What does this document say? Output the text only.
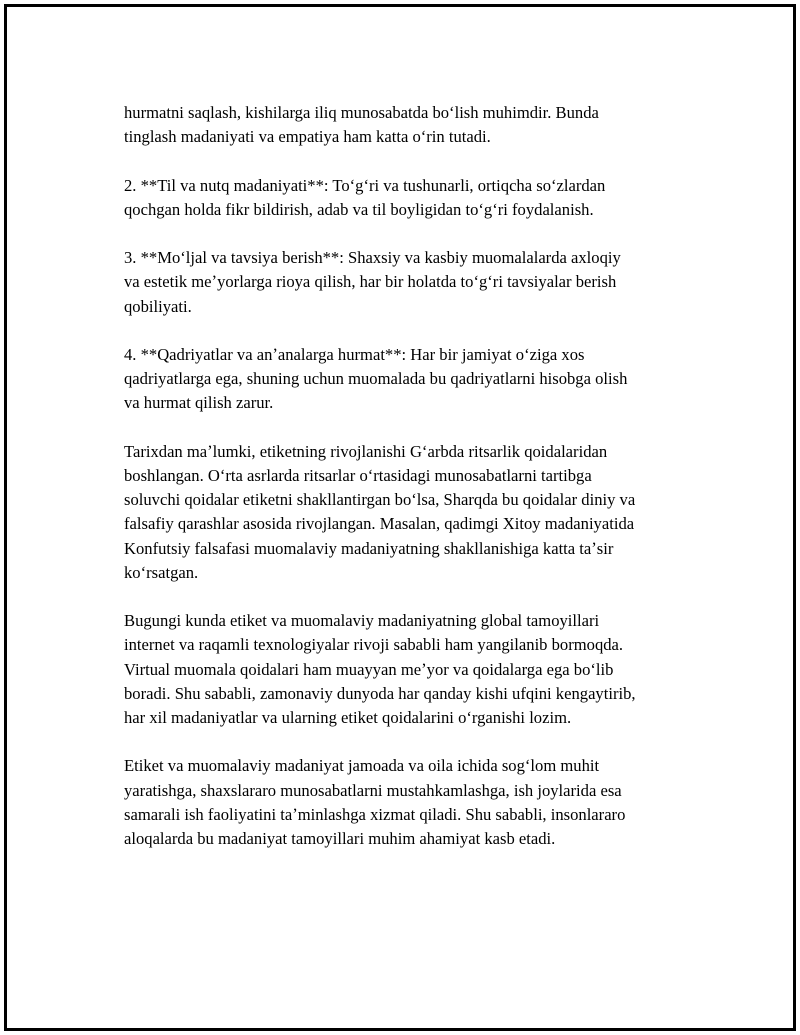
hurmatni saqlash, kishilarga iliq munosabatda boʻlish muhimdir. Bunda
tinglash madaniyati va empatiya ham katta oʻrin tutadi.

2. **Til va nutq madaniyati**: Toʻgʻri va tushunarli, ortiqcha soʻzlardan
qochgan holda fikr bildirish, adab va til boyligidan toʻgʻri foydalanish.

3. **Moʻljal va tavsiya berish**: Shaxsiy va kasbiy muomalalarda axloqiy
va estetik meʼyorlarga rioya qilish, har bir holatda toʻgʻri tavsiyalar berish
qobiliyati.

4. **Qadriyatlar va anʼanalarga hurmat**: Har bir jamiyat oʻziga xos
qadriyatlarga ega, shuning uchun muomalada bu qadriyatlarni hisobga olish
va hurmat qilish zarur.

Tarixdan maʼlumki, etiketning rivojlanishi Gʻarbda ritsarlik qoidalaridan
boshlangan. Oʻrta asrlarda ritsarlar oʻrtasidagi munosabatlarni tartibga
soluvchi qoidalar etiketni shakllantirgan boʻlsa, Sharqda bu qoidalar diniy va
falsafiy qarashlar asosida rivojlangan. Masalan, qadimgi Xitoy madaniyatida
Konfutsiy falsafasi muomalaviy madaniyatning shakllanishiga katta taʼsir
koʻrsatgan.

Bugungi kunda etiket va muomalaviy madaniyatning global tamoyillari
internet va raqamli texnologiyalar rivoji sababli ham yangilanib bormoqda.
Virtual muomala qoidalari ham muayyan meʼyor va qoidalarga ega boʻlib
boradi. Shu sababli, zamonaviy dunyoda har qanday kishi ufqini kengaytirib,
har xil madaniyatlar va ularning etiket qoidalarini oʻrganishi lozim.

Etiket va muomalaviy madaniyat jamoada va oila ichida sogʻlom muhit
yaratishga, shaxslararo munosabatlarni mustahkamlashga, ish joylarida esa
samarali ish faoliyatini taʼminlashga xizmat qiladi. Shu sababli, insonlararo
aloqalarda bu madaniyat tamoyillari muhim ahamiyat kasb etadi.
